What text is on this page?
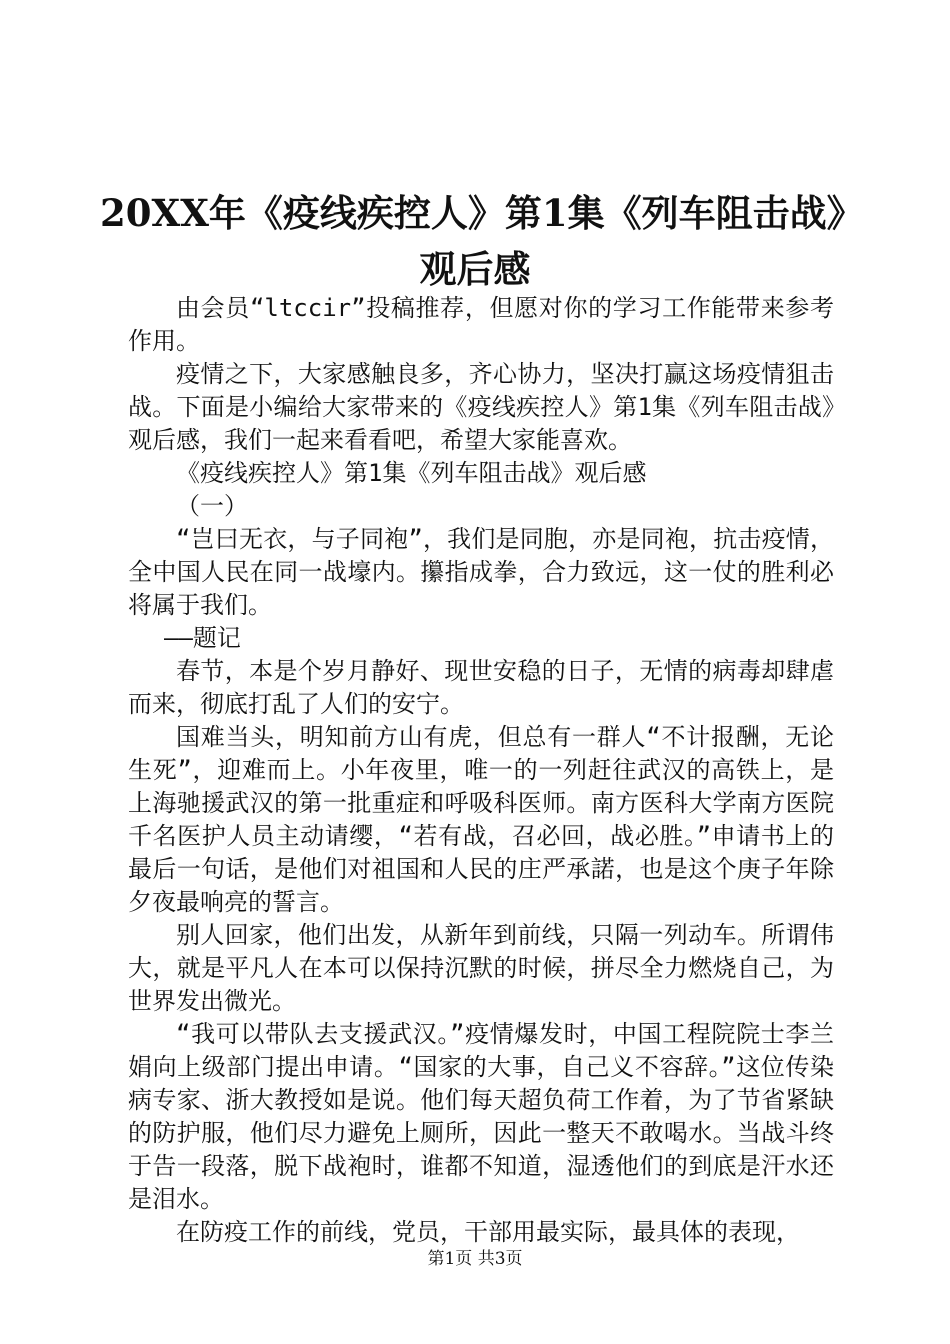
20XX年《疫线疾控人》第1集《列车阻击战》
观后感

由会员“ltccir”投稿推荐，但愿对你的学习工作能带来参考作用。

疫情之下，大家感触良多，齐心协力，坚决打赢这场疫情狙击战。下面是小编给大家带来的《疫线疾控人》第1集《列车阻击战》观后感，我们一起来看看吧，希望大家能喜欢。

《疫线疾控人》第1集《列车阻击战》观后感

（一）

“岂曰无衣，与子同袍”，我们是同胞，亦是同袍，抗击疫情，全中国人民在同一战壕内。攥指成拳，合力致远，这一仗的胜利必将属于我们。

——题记

春节，本是个岁月静好、现世安稳的日子，无情的病毒却肆虐而来，彻底打乱了人们的安宁。

国难当头，明知前方山有虎，但总有一群人“不计报酬，无论生死”，迎难而上。小年夜里，唯一的一列赶往武汉的高铁上，是上海驰援武汉的第一批重症和呼吸科医师。南方医科大学南方医院千名医护人员主动请缨，“若有战，召必回，战必胜。”申请书上的最后一句话，是他们对祖国和人民的庄严承諾，也是这个庚子年除夕夜最响亮的誓言。

别人回家，他们出发，从新年到前线，只隔一列动车。所谓伟大，就是平凡人在本可以保持沉默的时候，拼尽全力燃烧自己，为世界发出微光。

“我可以带队去支援武汉。”疫情爆发时，中国工程院院士李兰娟向上级部门提出申请。“国家的大事，自己义不容辞。”这位传染病专家、浙大教授如是说。他们每天超负荷工作着，为了节省紧缺的防护服，他们尽力避免上厕所，因此一整天不敢喝水。当战斗终于告一段落，脱下战袍时，谁都不知道，湿透他们的到底是汗水还是泪水。

在防疫工作的前线，党员，干部用最实际，最具体的表现，

第1页 共3页
